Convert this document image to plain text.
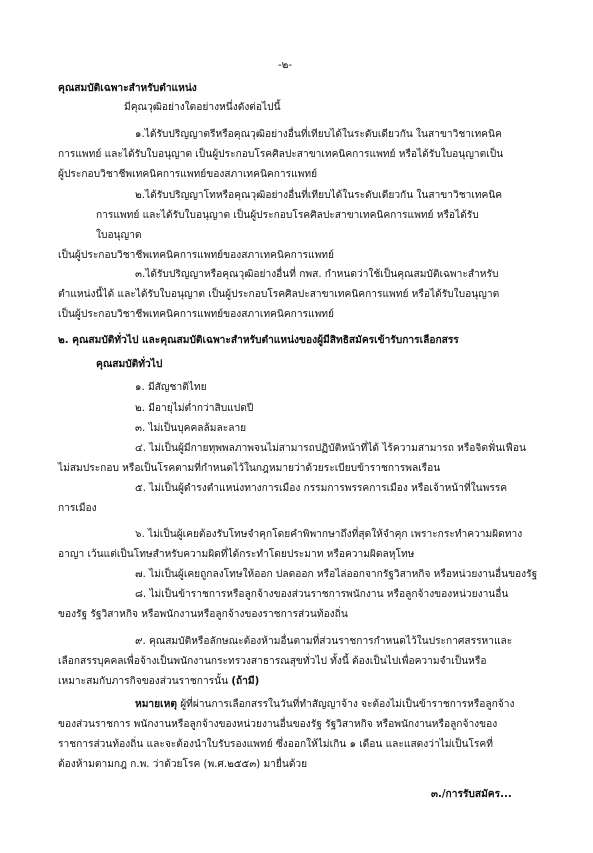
-๒-
คุณสมบัติเฉพาะสำหรับตำแหน่ง
มีคุณวุฒิอย่างใดอย่างหนึ่งดังต่อไปนี้
๑.ได้รับปริญญาตรีหรือคุณวุฒิอย่างอื่นที่เทียบได้ในระดับเดียวกัน ในสาขาวิชาเทคนิค
การแพทย์ และได้รับใบอนุญาต เป็นผู้ประกอบโรคศิลปะสาขาเทคนิคการแพทย์ หรือได้รับใบอนุญาตเป็น
ผู้ประกอบวิชาชีพเทคนิคการแพทย์ของสภาเทคนิคการแพทย์
๒.ได้รับปริญญาโทหรือคุณวุฒิอย่างอื่นที่เทียบได้ในระดับเดียวกัน ในสาขาวิชาเทคนิค
การแพทย์ และได้รับใบอนุญาต เป็นผู้ประกอบโรคศิลปะสาขาเทคนิคการแพทย์ หรือได้รับ
ใบอนุญาต
เป็นผู้ประกอบวิชาชีพเทคนิคการแพทย์ของสภาเทคนิคการแพทย์
๓.ได้รับปริญญาหรือคุณวุฒิอย่างอื่นที่ กพส. กำหนดว่าใช้เป็นคุณสมบัติเฉพาะสำหรับ
ตำแหน่งนี้ได้ และได้รับใบอนุญาต เป็นผู้ประกอบโรคศิลปะสาขาเทคนิคการแพทย์ หรือได้รับใบอนุญาต
เป็นผู้ประกอบวิชาชีพเทคนิคการแพทย์ของสภาเทคนิคการแพทย์
๒. คุณสมบัติทั่วไป และคุณสมบัติเฉพาะสำหรับตำแหน่งของผู้มีสิทธิสมัครเข้ารับการเลือกสรร
คุณสมบัติทั่วไป
๑. มีสัญชาติไทย
๒. มีอายุไม่ต่ำกว่าสิบแปดปี
๓. ไม่เป็นบุคคลล้มละลาย
๔. ไม่เป็นผู้มีกายทุพพลภาพจนไม่สามารถปฏิบัติหน้าที่ได้ ไร้ความสามารถ หรือจิตฟั่นเฟือน
ไม่สมประกอบ หรือเป็นโรคตามที่กำหนดไว้ในกฎหมายว่าด้วยระเบียบข้าราชการพลเรือน
๕. ไม่เป็นผู้ดำรงตำแหน่งทางการเมือง กรรมการพรรคการเมือง หรือเจ้าหน้าที่ในพรรค
การเมือง
๖. ไม่เป็นผู้เคยต้องรับโทษจำคุกโดยคำพิพากษาถึงที่สุดให้จำคุก เพราะกระทำความผิดทาง
อาญา เว้นแต่เป็นโทษสำหรับความผิดที่ได้กระทำโดยประมาท หรือความผิดลหุโทษ
๗. ไม่เป็นผู้เคยถูกลงโทษให้ออก ปลดออก หรือไล่ออกจากรัฐวิสาหกิจ หรือหน่วยงานอื่นของรัฐ
๘. ไม่เป็นข้าราชการหรือลูกจ้างของส่วนราชการพนักงาน หรือลูกจ้างของหน่วยงานอื่น
ของรัฐ รัฐวิสาหกิจ หรือพนักงานหรือลูกจ้างของราชการส่วนท้องถิ่น
๙. คุณสมบัติหรือลักษณะต้องห้ามอื่นตามที่ส่วนราชการกำหนดไว้ในประกาศสรรหาและ
เลือกสรรบุคคลเพื่อจ้างเป็นพนักงานกระทรวงสาธารณสุขทั่วไป ทั้งนี้ ต้องเป็นไปเพื่อความจำเป็นหรือ
เหมาะสมกับภารกิจของส่วนราชการนั้น (ถ้ามี)
หมายเหตุ ผู้ที่ผ่านการเลือกสรรในวันที่ทำสัญญาจ้าง จะต้องไม่เป็นข้าราชการหรือลูกจ้าง
ของส่วนราชการ พนักงานหรือลูกจ้างของหน่วยงานอื่นของรัฐ รัฐวิสาหกิจ หรือพนักงานหรือลูกจ้างของ
ราชการส่วนท้องถิ่น และจะต้องนำใบรับรองแพทย์ ซึ่งออกให้ไม่เกิน ๑ เดือน และแสดงว่าไม่เป็นโรคที่
ต้องห้ามตามกฎ ก.พ. ว่าด้วยโรค (พ.ศ.๒๕๕๓) มายื่นด้วย
๓./การรับสมัคร...
